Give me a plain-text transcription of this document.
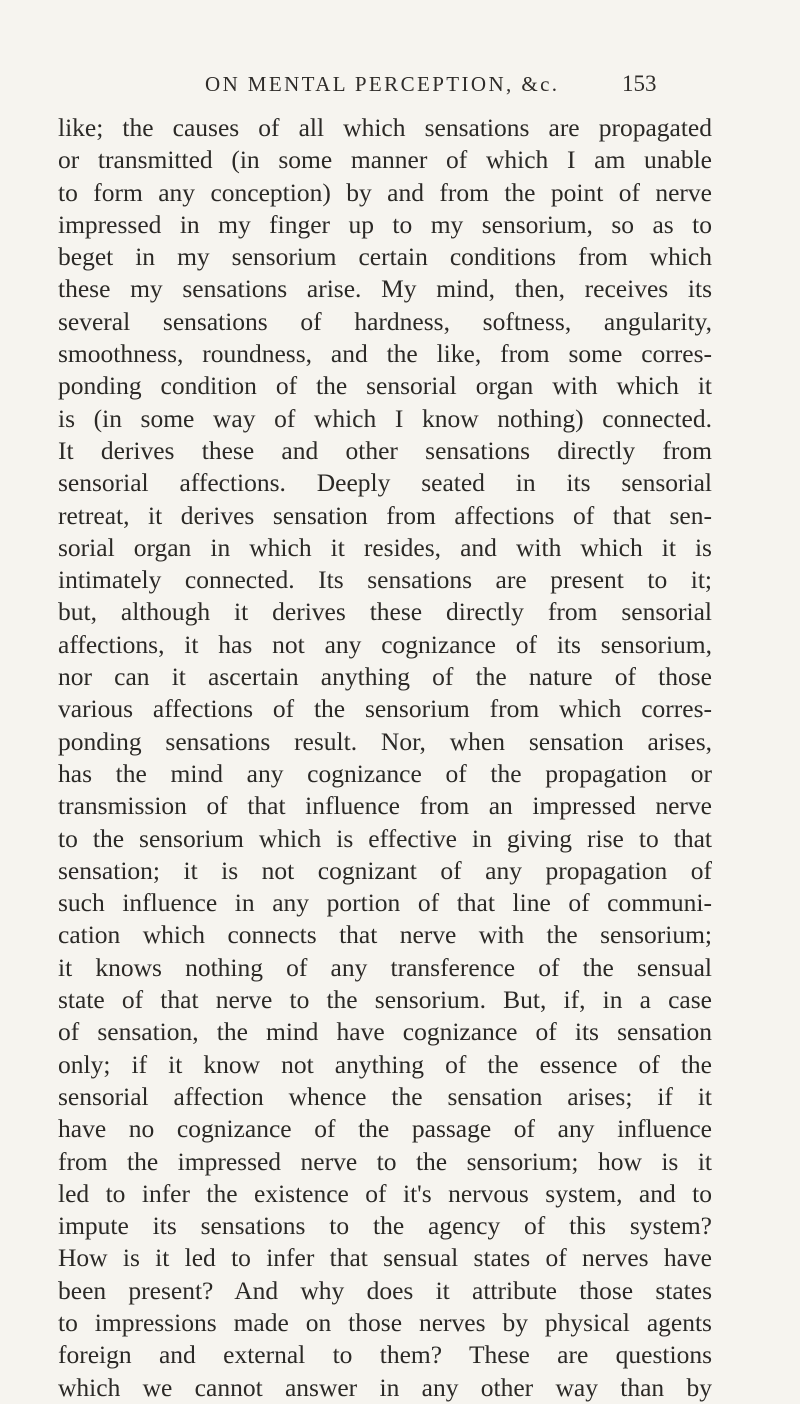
ON MENTAL PERCEPTION, &c.	153
like; the causes of all which sensations are propagated
or transmitted (in some manner of which I am unable
to form any conception) by and from the point of nerve
impressed in my finger up to my sensorium, so as to
beget in my sensorium certain conditions from which
these my sensations arise. My mind, then, receives its
several sensations of hardness, softness, angularity,
smoothness, roundness, and the like, from some corres-
ponding condition of the sensorial organ with which it
is (in some way of which I know nothing) connected.
It derives these and other sensations directly from
sensorial affections. Deeply seated in its sensorial
retreat, it derives sensation from affections of that sen-
sorial organ in which it resides, and with which it is
intimately connected. Its sensations are present to it;
but, although it derives these directly from sensorial
affections, it has not any cognizance of its sensorium,
nor can it ascertain anything of the nature of those
various affections of the sensorium from which corres-
ponding sensations result. Nor, when sensation arises,
has the mind any cognizance of the propagation or
transmission of that influence from an impressed nerve
to the sensorium which is effective in giving rise to that
sensation; it is not cognizant of any propagation of
such influence in any portion of that line of communi-
cation which connects that nerve with the sensorium;
it knows nothing of any transference of the sensual
state of that nerve to the sensorium. But, if, in a case
of sensation, the mind have cognizance of its sensation
only; if it know not anything of the essence of the
sensorial affection whence the sensation arises; if it
have no cognizance of the passage of any influence
from the impressed nerve to the sensorium; how is it
led to infer the existence of it's nervous system, and to
impute its sensations to the agency of this system?
How is it led to infer that sensual states of nerves have
been present? And why does it attribute those states
to impressions made on those nerves by physical agents
foreign and external to them? These are questions
which we cannot answer in any other way than by
